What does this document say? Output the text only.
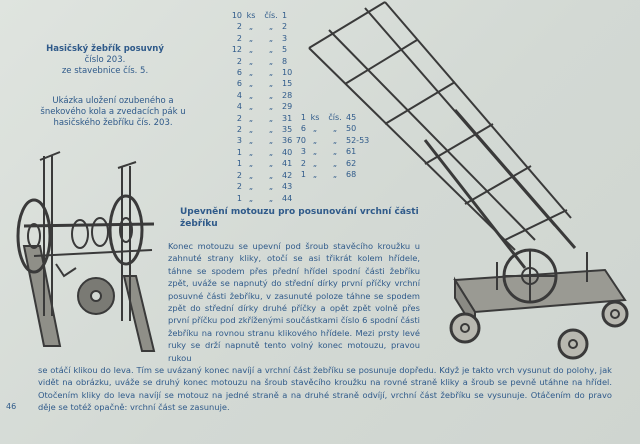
Hasičský žebřík posuvný
číslo 203.
ze stavebnice čís. 5.
Ukázka uložení ozubeného a šnekového kola a zvedacích pák u hasičského žebříku čís. 203.
10 ks	čís. 1
2 „	„	2
2 „	„	3
12 „	„	5
2 „	„	8
6 „	„	10
6 „	„	15
4 „	„	28
4 „	„	29
2 „	„	31
2 „	„	35
3 „	„	36
1 „	„	40
1 „	„	41
2 „	„	42
2 „	„	43
1 „	„	44
1 ks	čís. 45
6 „	„	50
70 „	„	52-53
3 „	„	61
2 „	„	62
1 „	„	68
Upevnění motouzu pro posunování vrchní části žebříku
Konec motouzu se upevní pod šroub stavěcího kroužku u zahnuté strany kliky, otočí se asi třikrát kolem hřídele, táhne se spodem přes přední hřídel spodní části žebříku zpět, uváže se napnutý do střední dírky první příčky vrchní posuvné části žebříku, v zasunuté poloze táhne se spodem zpět do střední dírky druhé příčky a opět zpět volně přes první příčku pod zkříženými součástkami číslo 6 spodní části žebříku na rovnou stranu klikového hřídele. Mezi prsty levé ruky se drží napnutě tento volný konec motouzu, pravou rukou
se otáčí klikou do leva. Tím se uvázaný konec navíjí a vrchní část žebříku se posunuje dopředu. Když je takto vrch vysunut do polohy, jak vidět na obrázku, uváže se druhý konec motouzu na šroub stavěcího kroužku na rovné straně kliky a šroub se pevně utáhne na hřídel. Otočením kliky do leva navíjí se motouz na jedné straně a na druhé straně odvíjí, vrchní část žebříku se vysunuje. Otáčením do pravo děje se totéž opačně: vrchní část se zasunuje.
46
